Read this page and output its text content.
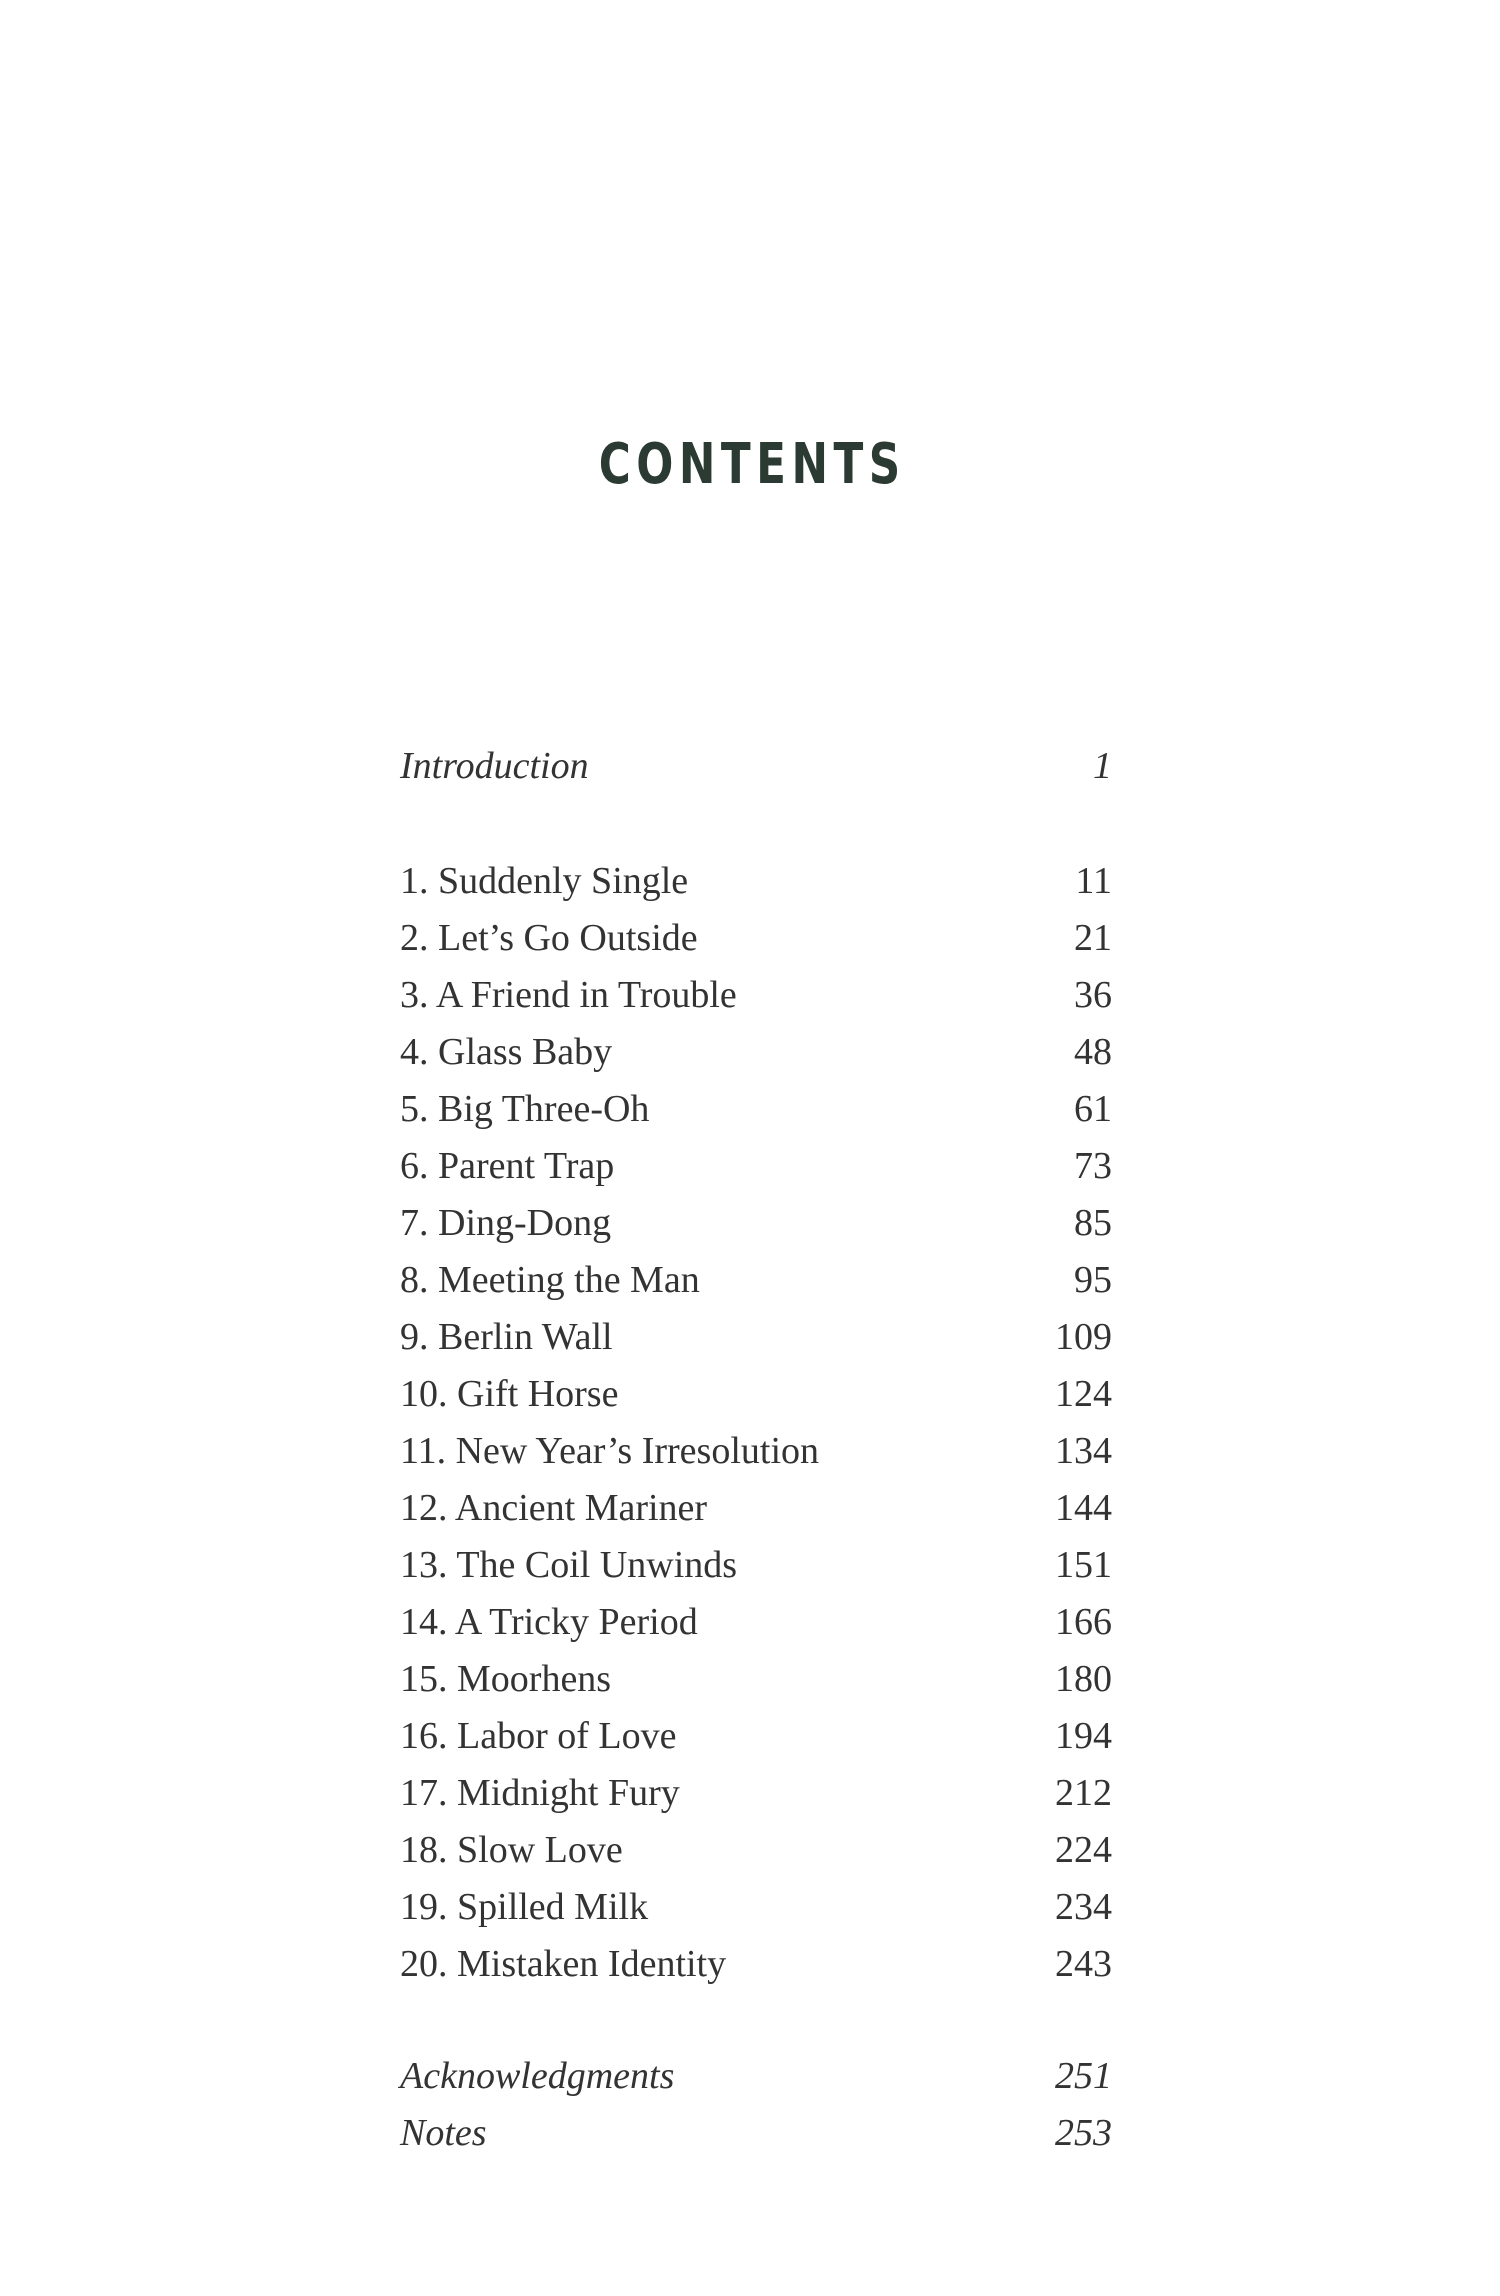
CONTENTS
Introduction	1
1. Suddenly Single	11
2. Let’s Go Outside	21
3. A Friend in Trouble	36
4. Glass Baby	48
5. Big Three-Oh	61
6. Parent Trap	73
7. Ding-Dong	85
8. Meeting the Man	95
9. Berlin Wall	109
10. Gift Horse	124
11. New Year’s Irresolution	134
12. Ancient Mariner	144
13. The Coil Unwinds	151
14. A Tricky Period	166
15. Moorhens	180
16. Labor of Love	194
17. Midnight Fury	212
18. Slow Love	224
19. Spilled Milk	234
20. Mistaken Identity	243
Acknowledgments	251
Notes	253
